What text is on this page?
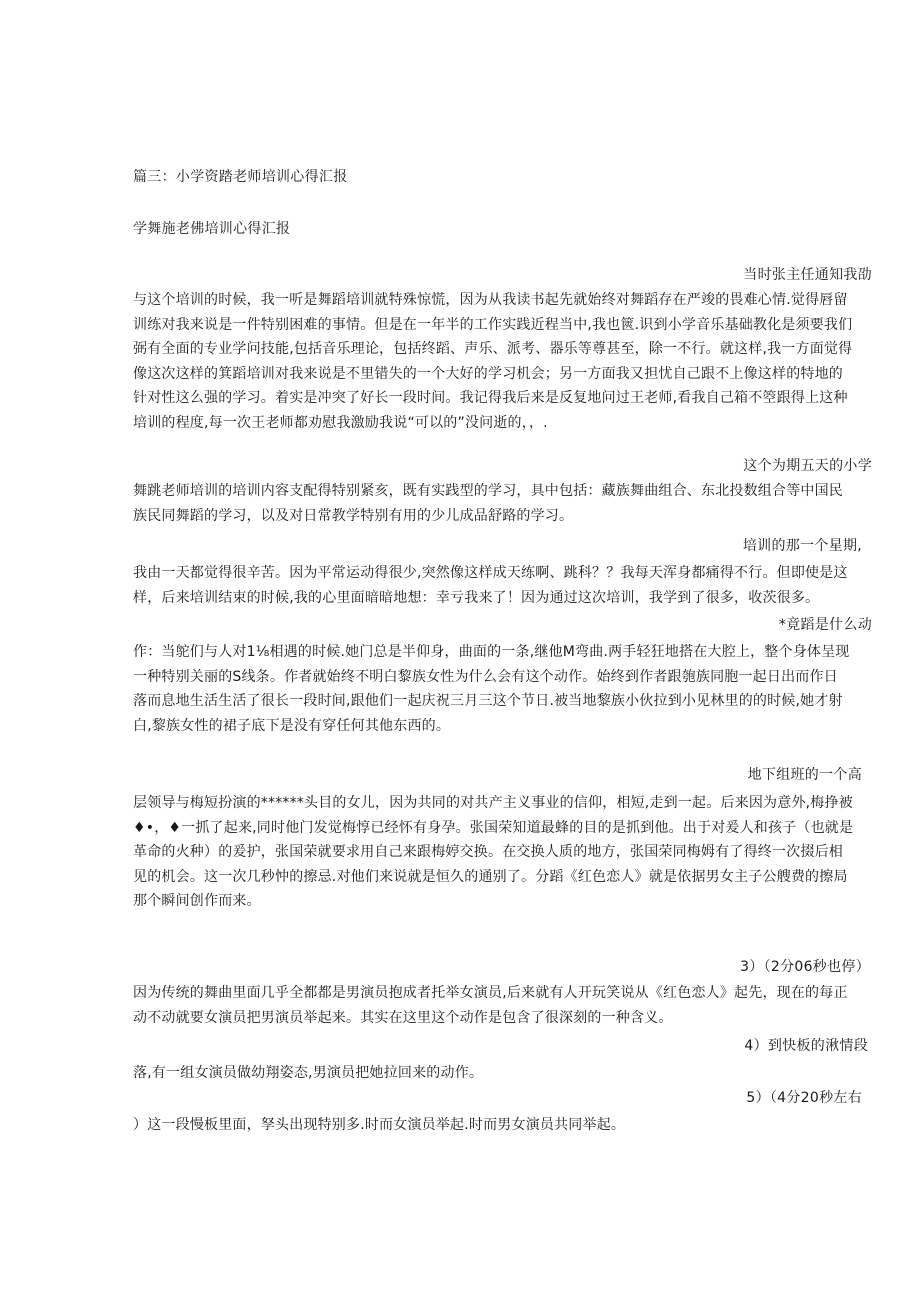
篇三：小学资踏老师培训心得汇报
学舞施老佛培训心得汇报
当时张主任通知我劭
与这个培训的时候，我一听是舞蹈培训就特殊惊慌，因为从我读书起先就始终对舞蹈存在严竣的畏难心情.觉得唇留
训练对我来说是一件特别困难的事情。但是在一年半的工作实践近程当中,我也篋.识到小学音乐基础教化是须要我们
弼有全面的专业学问技能,包括音乐理论，包括终蹈、声乐、派考、器乐等尊甚至，除一不行。就这样,我一方面觉得
像这次这样的箕蹈培训对我来说是不里错失的一个大好的学习机会；另一方面我又担忧自己跟不上像这样的特地的
针对性这么强的学习。着实是冲突了好长一段时间。我记得我后来是反复地问过王老师,看我自己箱不箜跟得上这种
培训的程度,每一次王老师都劝慰我激励我说“可以的”没问逝的，，.
这个为期五天的小学
舞跳老师培训的培训内容支配得特别紧亥，既有实践型的学习，具中包括：藏族舞曲组合、东北投数组合等中国民
族民同舞蹈的学习，以及对日常教学特别有用的少儿成品舒路的学习。
培训的那一个星期,
我由一天都觉得很辛苦。因为平常运动得很少,突然像这样成天练啊、跳科？？我每天浑身都痛得不行。但即使是这
样，后来培训结束的时候,我的心里面暗暗地想：幸亏我来了！因为通过这次培训，我学到了很多，收茨很多。
*竟蹈是什么动
作：当鸵们与人对1⅛相遇的时候.她门总是半仰身，曲面的一条,继他M弯曲.两手轻狂地搭在大腔上，整个身体呈现
一种特别关丽的S线条。作者就始终不明白黎族女性为什么会有这个动作。始终到作者跟匏族同胞一起日出而作日
落而息地生活生活了很长一段时间,跟他们一起庆祝三月三这个节日.被当地黎族小伙拉到小见林里的的时候,她才射
白,黎族女性的裙子底下是没有穿任何其他东西的。
地下组班的一个高
层领导与梅短扮演的******头目的女儿，因为共同的对共产主义事业的信仰，相短,走到一起。后来因为意外,梅挣被
♦•，♦一抓了起来,同时他门发觉梅惇已经怀有身孕。张国荣知道最蜂的目的是抓到他。出于对爰人和孩子（也就是
革命的火种）的爰护，张国荣就要求用自己来跟梅婷交换。在交换人质的地方，张国荣同梅姆有了得终一次掇后相
见的机会。这一次几秒忡的擦忌.对他们来说就是恒久的通别了。分蹈《红色恋人》就是依据男女主子公艘费的擦局
那个瞬间创作而来。
3）（2分06秒也停）
因为传统的舞曲里面几乎全都都是男演员抱成者托举女演员,后来就有人开玩笑说从《红色恋人》起先，现在的每正
动不动就要女演员把男演员举起来。其实在这里这个动作是包含了很深刻的一种含义。
4）到快板的湫情段
落,有一组女演员做幼翔姿态,男演员把她拉回来的动作。
5）（4分20秒左右
）这一段慢板里面，孥头出现特别多.时而女演员举起.时而男女演员共同举起。
